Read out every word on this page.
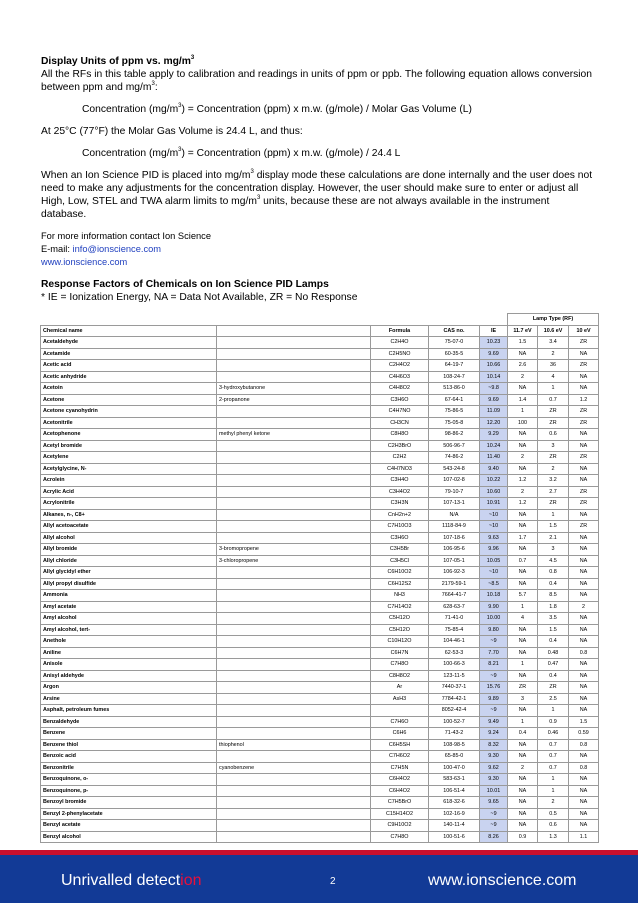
Display Units of ppm vs. $mg/m^3$

All the RFs in this table apply to calibration and readings in units of ppm or ppb. The following equation allows conversion between ppm and $mg/m^3$:

Concentration $(mg/m^3)$ = Concentration (ppm) x m.w. (g/mole) / Molar Gas Volume (L)

At 25°C (77°F) the Molar Gas Volume is 24.4 L, and thus:

Concentration $(mg/m^3)$ = Concentration (ppm) x m.w. (g/mole) / 24.4 L

When an Ion Science PID is placed into $mg/m^3$ display mode these calculations are done internally and the user does not need to make any adjustments for the concentration display. However, the user should make sure to enter or adjust all High, Low, STEL and TWA alarm limits to $mg/m^3$ units, because these are not always available in the instrument database.

For more information contact Ion Science

E-mail: info@ionscience.com

www.ionscience.com

Response Factors of Chemicals on Ion Science PID Lamps

* IE = Ionization Energy, NA = Data Not Available, ZR = No Response

					Lamp Type (RF)		
Chemical name		Formula	CAS no.	IE	11.7 eV	10.6 eV	10 eV
Acetaldehyde		C2H4O	75-07-0	10.23	1.5	3.4	ZR
Acetamide		C2H5NO	60-35-5	9.69	NA	2	NA
Acetic acid		C2H4O2	64-19-7	10.66	2.6	36	ZR
Acetic anhydride		C4H6O3	108-24-7	10.14	2	4	NA
Acetoin	3-hydroxybutanone	C4H8O2	513-86-0	~9.8	NA	1	NA
Acetone	2-propanone	C3H6O	67-64-1	9.69	1.4	0.7	1.2
Acetone cyanohydrin		C4H7NO	75-86-5	11.09	1	ZR	ZR
Acetonitrile		CH3CN	75-05-8	12.20	100	ZR	ZR
Acetophenone	methyl phenyl ketone	C8H8O	98-86-2	9.29	NA	0.6	NA
Acetyl bromide		C2H3BrO	506-96-7	10.24	NA	3	NA
Acetylene		C2H2	74-86-2	11.40	2	ZR	ZR
Acetylglycine, N-		C4H7NO3	543-24-8	9.40	NA	2	NA
Acrolein		C3H4O	107-02-8	10.22	1.2	3.2	NA
Acrylic Acid		C3H4O2	79-10-7	10.60	2	2.7	ZR
Acrylonitrile		C3H3N	107-13-1	10.91	1.2	ZR	ZR
Alkanes, n-, C8+		CnH2n+2	N/A	~10	NA	1	NA
Allyl acetoacetate		C7H10O3	1118-84-9	~10	NA	1.5	ZR
Allyl alcohol		C3H6O	107-18-6	9.63	1.7	2.1	NA
Allyl bromide	3-bromopropene	C3H5Br	106-95-6	9.96	NA	3	NA
Allyl chloride	3-chloropropene	C3H5Cl	107-05-1	10.05	0.7	4.5	NA
Allyl glycidyl ether		C6H10O2	106-92-3	~10	NA	0.8	NA
Allyl propyl disulfide		C6H12S2	2179-59-1	~8.5	NA	0.4	NA
Ammonia		NH3	7664-41-7	10.18	5.7	8.5	NA
Amyl acetate		C7H14O2	628-63-7	9.90	1	1.8	2
Amyl alcohol		C5H12O	71-41-0	10.00	4	3.5	NA
Amyl alcohol, tert-		C5H12O	75-85-4	9.80	NA	1.5	NA
Anethole		C10H12O	104-46-1	~9	NA	0.4	NA
Aniline		C6H7N	62-53-3	7.70	NA	0.48	0.8
Anisole		C7H8O	100-66-3	8.21	1	0.47	NA
Anisyl aldehyde		C8H8O2	123-11-5	~9	NA	0.4	NA
Argon		Ar	7440-37-1	15.76	ZR	ZR	NA
Arsine		AsH3	7784-42-1	9.89	3	2.5	NA
Asphalt, petroleum fumes			8052-42-4	~9	NA	1	NA
Benzaldehyde		C7H6O	100-52-7	9.49	1	0.9	1.5
Benzene		C6H6	71-43-2	9.24	0.4	0.46	0.59
Benzene thiol	thiophenol	C6H5SH	108-98-5	8.32	NA	0.7	0.8
Benzoic acid		C7H6O2	65-85-0	9.30	NA	0.7	NA
Benzonitrile	cyanobenzene	C7H5N	100-47-0	9.62	2	0.7	0.8
Benzoquinone, o-		C6H4O2	583-63-1	9.30	NA	1	NA
Benzoquinone, p-		C6H4O2	106-51-4	10.01	NA	1	NA
Benzoyl bromide		C7H5BrO	618-32-6	9.65	NA	2	NA
Benzyl 2-phenylacetate		C15H14O2	102-16-9	~9	NA	0.5	NA
Benzyl acetate		C9H10O2	140-11-4	~9	NA	0.6	NA
Benzyl alcohol		C7H8O	100-51-6	8.26	0.9	1.3	1.1
Unrivalled detection	2	www.ionscience.com
